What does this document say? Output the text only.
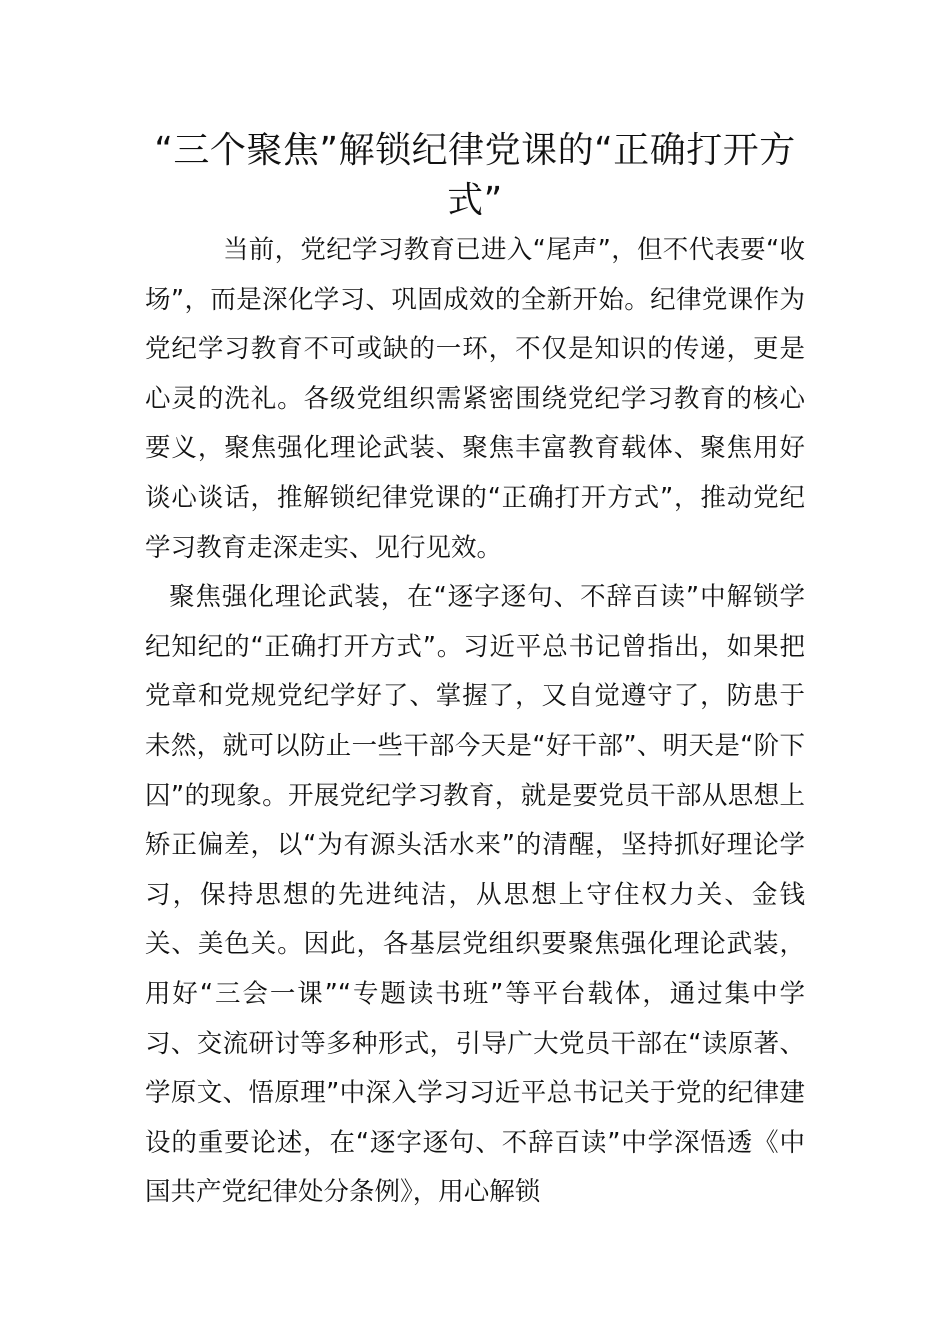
“三个聚焦”解锁纪律党课的“正确打开方式”

当前，党纪学习教育已进入“尾声”，但不代表要“收场”，而是深化学习、巩固成效的全新开始。纪律党课作为党纪学习教育不可或缺的一环，不仅是知识的传递，更是心灵的洗礼。各级党组织需紧密围绕党纪学习教育的核心要义，聚焦强化理论武装、聚焦丰富教育载体、聚焦用好谈心谈话，推解锁纪律党课的“正确打开方式”，推动党纪学习教育走深走实、见行见效。

聚焦强化理论武装，在“逐字逐句、不辞百读”中解锁学纪知纪的“正确打开方式”。习近平总书记曾指出，如果把党章和党规党纪学好了、掌握了，又自觉遵守了，防患于未然，就可以防止一些干部今天是“好干部”、明天是“阶下囚”的现象。开展党纪学习教育，就是要党员干部从思想上矫正偏差，以“为有源头活水来”的清醒，坚持抓好理论学习，保持思想的先进纯洁，从思想上守住权力关、金钱关、美色关。因此，各基层党组织要聚焦强化理论武装，用好“三会一课”“专题读书班”等平台载体，通过集中学习、交流研讨等多种形式，引导广大党员干部在“读原著、学原文、悟原理”中深入学习习近平总书记关于党的纪律建设的重要论述，在“逐字逐句、不辞百读”中学深悟透《中国共产党纪律处分条例》，用心解锁
